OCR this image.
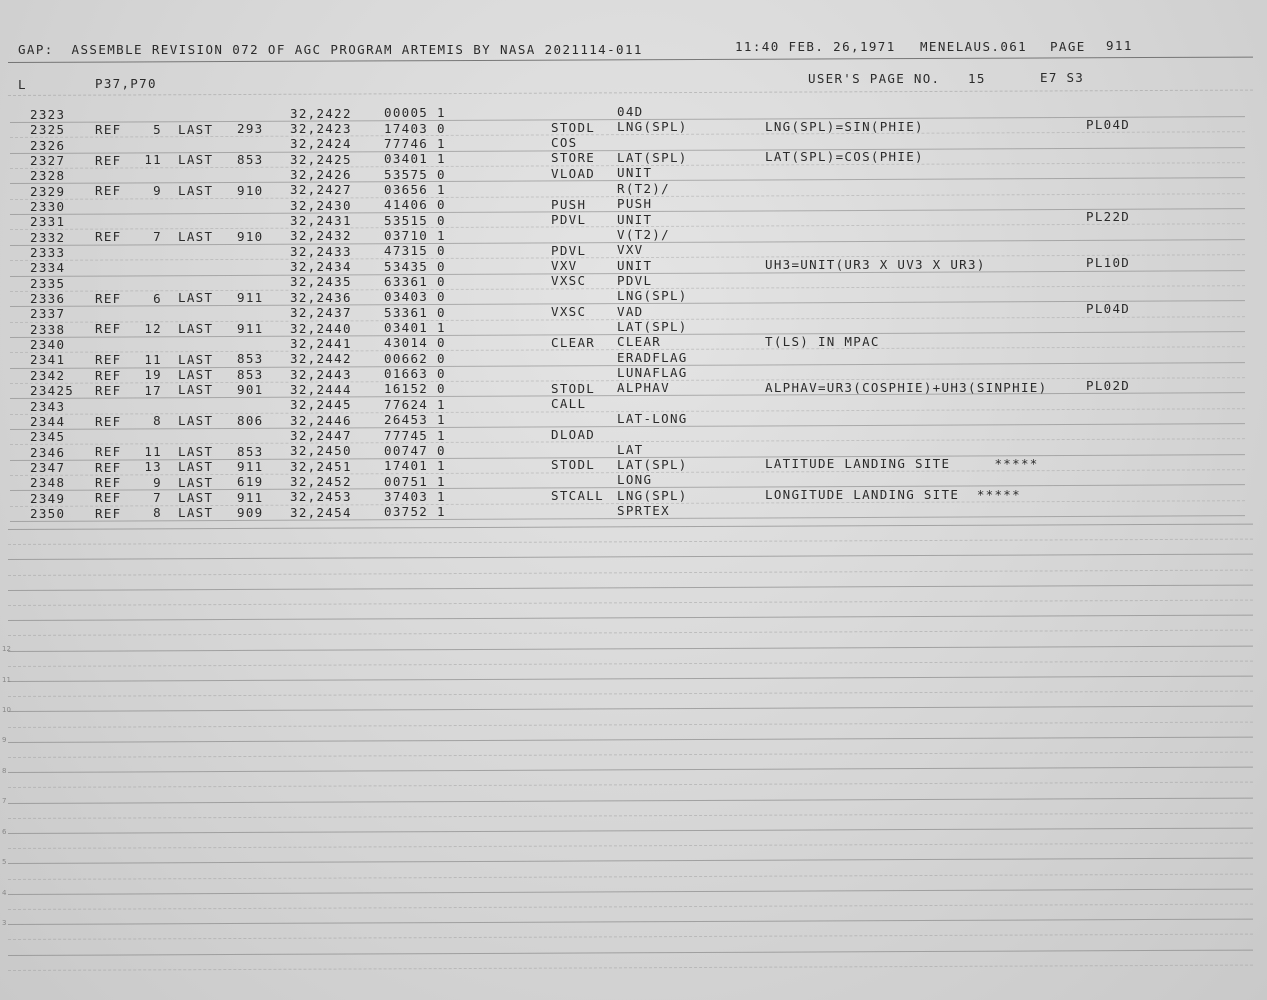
GAP:  ASSEMBLE REVISION 072 OF AGC PROGRAM ARTEMIS BY NASA 2021114-011	11:40 FEB. 26,1971 MENELAUS.061 PAGE 911
L	P37,P70	USER'S PAGE NO. 15	E7 S3
2323	32,2422	00005 1	04D
2325 REF	5 LAST 293 32,2423	17403 0	STODL LNG(SPL)	LNG(SPL)=SIN(PHIE)	PL04D
2326	32,2424	77746 1	COS
2327 REF 11 LAST 853 32,2425	03401 1	STORE LAT(SPL)	LAT(SPL)=COS(PHIE)
2328	32,2426	53575 0	VLOAD UNIT
2329 REF	9 LAST 910 32,2427	03656 1	R(T2)/
2330	32,2430	41406 0	PUSH PUSH
2331	32,2431	53515 0	PDVL UNIT	PL22D
2332 REF	7 LAST 910 32,2432	03710 1	V(T2)/
2333	32,2433	47315 0	PDVL VXV
2334	32,2434	53435 0	VXV	UNIT	UH3=UNIT(UR3 X UV3 X UR3)	PL10D
2335	32,2435	63361 0	VXSC PDVL
2336 REF	6 LAST 911 32,2436	03403 0	LNG(SPL)
2337	32,2437	53361 0	VXSC VAD	PL04D
2338 REF 12 LAST 911 32,2440	03401 1	LAT(SPL)
2340	32,2441	43014 0	CLEAR CLEAR	T(LS) IN MPAC
2341 REF 11 LAST 853 32,2442	00662 0	ERADFLAG
2342 REF 19 LAST 853 32,2443	01663 0	LUNAFLAG
23425 REF 17 LAST 901 32,2444	16152 0	STODL ALPHAV	ALPHAV=UR3(COSPHIE)+UH3(SINPHIE)	PL02D
2343	32,2445	77624 1	CALL
2344 REF	8 LAST 806 32,2446	26453 1	LAT-LONG
2345	32,2447	77745 1	DLOAD
2346 REF 11 LAST 853 32,2450	00747 0	LAT
2347 REF 13 LAST 911 32,2451	17401 1	STODL LAT(SPL)	LATITUDE LANDING SITE     *****
2348 REF	9 LAST 619 32,2452	00751 1	LONG
2349 REF	7 LAST 911 32,2453	37403 1	STCALL LNG(SPL)	LONGITUDE LANDING SITE  *****
2350 REF	8 LAST 909 32,2454	03752 1	SPRTEX
12
11
10
9
8
7
6
5
4
3
